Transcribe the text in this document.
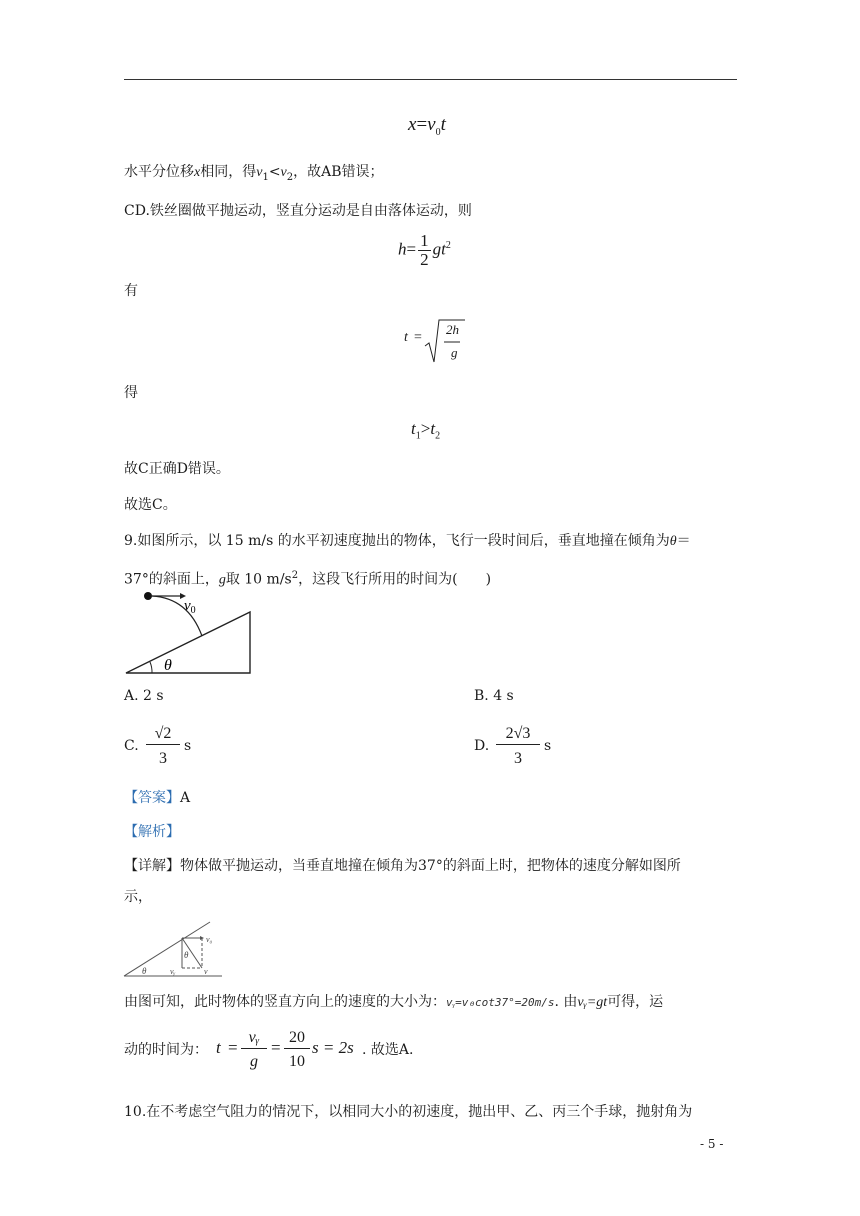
$x=v_0t$
水平分位移x相同，得$v_1<v_2$，故AB错误；
CD.铁丝圈做平抛运动，竖直分运动是自由落体运动，则
$h= \frac{1}{2} gt^2$
有
t =
2h
g
得
$t_1>t_2$
故C正确D错误。
故选C。
9.如图所示，以 15 m/s 的水平初速度抛出的物体，飞行一段时间后，垂直地撞在倾角为θ＝
37°的斜面上，g取 10 $m/s^2$，这段飞行所用的时间为(　　)
$v_0$
θ
A. 2 s	B. 4 s
C.
√2
3
s	D.
2√3
3
s
【答案】A
【解析】
【详解】物体做平抛运动，当垂直地撞在倾角为37°的斜面上时，把物体的速度分解如图所
示，
v₀
θ
θ	vᵧ	v
由图可知，此时物体的竖直方向上的速度的大小为：vᵧ=v₀cot37°=20m/s. 由vᵧ=gt可得，运
动的时间为： t =
vᵧ
g
=
20
10
s = 2s . 故选A.
10.在不考虑空气阻力的情况下，以相同大小的初速度，抛出甲、乙、丙三个手球，抛射角为
- 5 -
